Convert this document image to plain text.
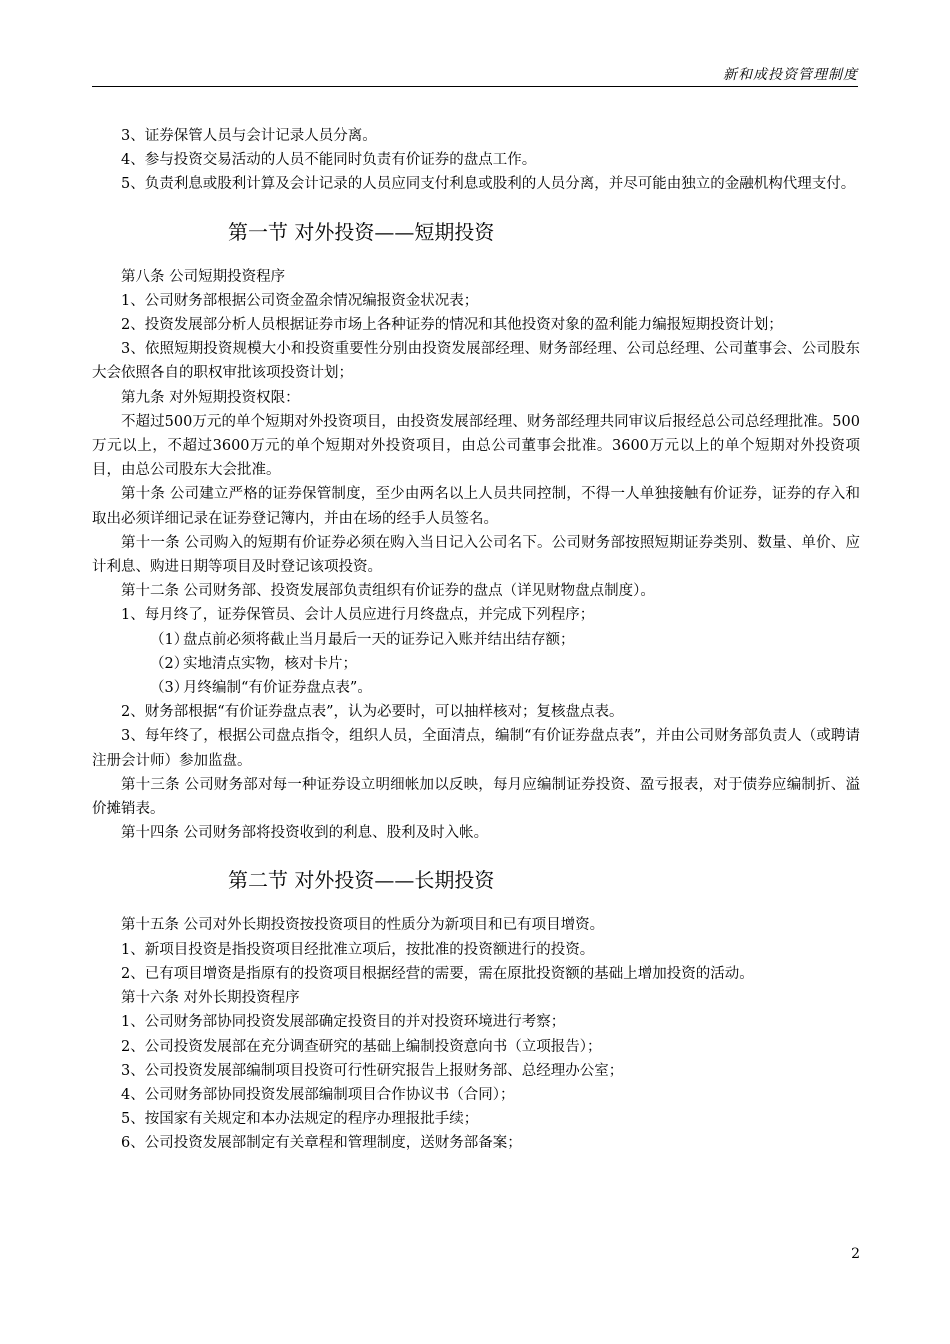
新和成投资管理制度

3、证券保管人员与会计记录人员分离。

4、参与投资交易活动的人员不能同时负责有价证券的盘点工作。

5、负责利息或股利计算及会计记录的人员应同支付利息或股利的人员分离，并尽可能由独立的金融机构代理支付。

第一节 对外投资——短期投资

第八条 公司短期投资程序

1、公司财务部根据公司资金盈余情况编报资金状况表；

2、投资发展部分析人员根据证券市场上各种证券的情况和其他投资对象的盈利能力编报短期投资计划；

3、依照短期投资规模大小和投资重要性分别由投资发展部经理、财务部经理、公司总经理、公司董事会、公司股东大会依照各自的职权审批该项投资计划；

第九条 对外短期投资权限：

不超过500万元的单个短期对外投资项目，由投资发展部经理、财务部经理共同审议后报经总公司总经理批准。500万元以上，不超过3600万元的单个短期对外投资项目，由总公司董事会批准。3600万元以上的单个短期对外投资项目，由总公司股东大会批准。

第十条 公司建立严格的证券保管制度，至少由两名以上人员共同控制，不得一人单独接触有价证券，证券的存入和取出必须详细记录在证券登记簿内，并由在场的经手人员签名。

第十一条 公司购入的短期有价证券必须在购入当日记入公司名下。公司财务部按照短期证券类别、数量、单价、应计利息、购进日期等项目及时登记该项投资。

第十二条 公司财务部、投资发展部负责组织有价证券的盘点（详见财物盘点制度）。

1、每月终了，证券保管员、会计人员应进行月终盘点，并完成下列程序；

（1）盘点前必须将截止当月最后一天的证券记入账并结出结存额；

（2）实地清点实物，核对卡片；

（3）月终编制“有价证券盘点表”。

2、财务部根据“有价证券盘点表”，认为必要时，可以抽样核对；复核盘点表。

3、每年终了，根据公司盘点指令，组织人员，全面清点，编制“有价证券盘点表”，并由公司财务部负责人（或聘请注册会计师）参加监盘。

第十三条 公司财务部对每一种证券设立明细帐加以反映，每月应编制证券投资、盈亏报表，对于债券应编制折、溢价摊销表。

第十四条 公司财务部将投资收到的利息、股利及时入帐。

第二节 对外投资——长期投资

第十五条 公司对外长期投资按投资项目的性质分为新项目和已有项目增资。

1、新项目投资是指投资项目经批准立项后，按批准的投资额进行的投资。

2、已有项目增资是指原有的投资项目根据经营的需要，需在原批投资额的基础上增加投资的活动。

第十六条 对外长期投资程序

1、公司财务部协同投资发展部确定投资目的并对投资环境进行考察；

2、公司投资发展部在充分调查研究的基础上编制投资意向书（立项报告）；

3、公司投资发展部编制项目投资可行性研究报告上报财务部、总经理办公室；

4、公司财务部协同投资发展部编制项目合作协议书（合同）；

5、按国家有关规定和本办法规定的程序办理报批手续；

6、公司投资发展部制定有关章程和管理制度，送财务部备案；

2
